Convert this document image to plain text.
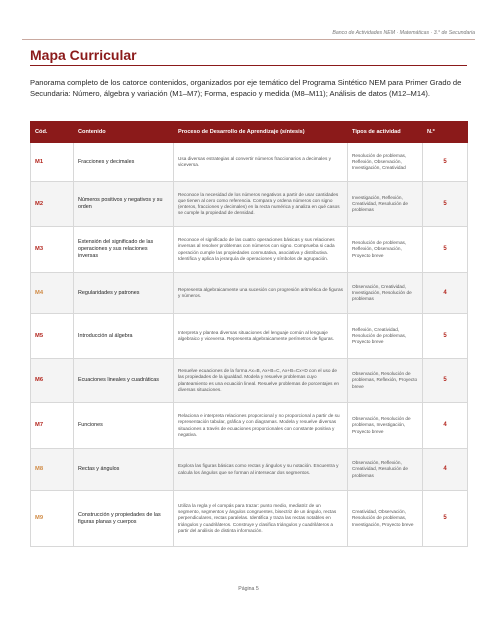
Banco de Actividades NEM · Matemáticas · 3.° de Secundaria
Mapa Curricular
Panorama completo de los catorce contenidos, organizados por eje temático del Programa Sintético NEM para Primer Grado de Secundaria: Número, álgebra y variación (M1–M7); Forma, espacio y medida (M8–M11); Análisis de datos (M12–M14).
Cód.	Contenido	Proceso de Desarrollo de Aprendizaje (síntesis)	Tipos de actividad	N.º
M1	Fracciones y decimales	Usa diversas estrategias al convertir números fraccionarios a decimales y viceversa.	Resolución de problemas, Reflexión, Observación, Investigación, Creatividad	5
M2	Números positivos y negativos y su orden	Reconoce la necesidad de los números negativos a partir de usar cantidades que tienen al cero como referencia. Compara y ordena números con signo (enteros, fracciones y decimales) en la recta numérica y analiza en qué casos se cumple la propiedad de densidad.	Investigación, Reflexión, Creatividad, Resolución de problemas	5
M3	Extensión del significado de las operaciones y sus relaciones inversas	Reconoce el significado de las cuatro operaciones básicas y sus relaciones inversas al resolver problemas con números con signo. Comprueba si cada operación cumple las propiedades conmutativa, asociativa y distributiva. Identifica y aplica la jerarquía de operaciones y símbolos de agrupación.	Resolución de problemas, Reflexión, Observación, Proyecto breve	5
M4	Regularidades y patrones	Representa algebraicamente una sucesión con progresión aritmética de figuras y números.	Observación, Creatividad, Investigación, Resolución de problemas	4
M5	Introducción al álgebra	Interpreta y plantea diversas situaciones del lenguaje común al lenguaje algebraico y viceversa. Representa algebraicamente perímetros de figuras.	Reflexión, Creatividad, Resolución de problemas, Proyecto breve	5
M6	Ecuaciones lineales y cuadráticas	Resuelve ecuaciones de la forma Ax=B, Ax+B=C, Ax+B=Cx+D con el uso de las propiedades de la igualdad. Modela y resuelve problemas cuyo planteamiento es una ecuación lineal. Resuelve problemas de porcentajes en diversas situaciones.	Observación, Resolución de problemas, Reflexión, Proyecto breve	5
M7	Funciones	Relaciona e interpreta relaciones proporcional y no proporcional a partir de su representación tabular, gráfica y con diagramas. Modela y resuelve diversas situaciones a través de ecuaciones proporcionales con constante positiva y negativa.	Observación, Resolución de problemas, Investigación, Proyecto breve	4
M8	Rectas y ángulos	Explora las figuras básicas como rectas y ángulos y su notación. Encuentra y calcula los ángulos que se forman al intersecar dos segmentos.	Observación, Reflexión, Creatividad, Resolución de problemas	4
M9	Construcción y propiedades de las figuras planas y cuerpos	Utiliza la regla y el compás para trazar: punto medio, mediatriz de un segmento, segmentos y ángulos congruentes, bisectriz de un ángulo, rectas perpendiculares, rectas paralelas. Identifica y traza las rectas notables en triángulos y cuadriláteros. Construye y clasifica triángulos y cuadriláteros a partir del análisis de distinta información.	Creatividad, Observación, Resolución de problemas, Investigación, Proyecto breve	5
Página 5
